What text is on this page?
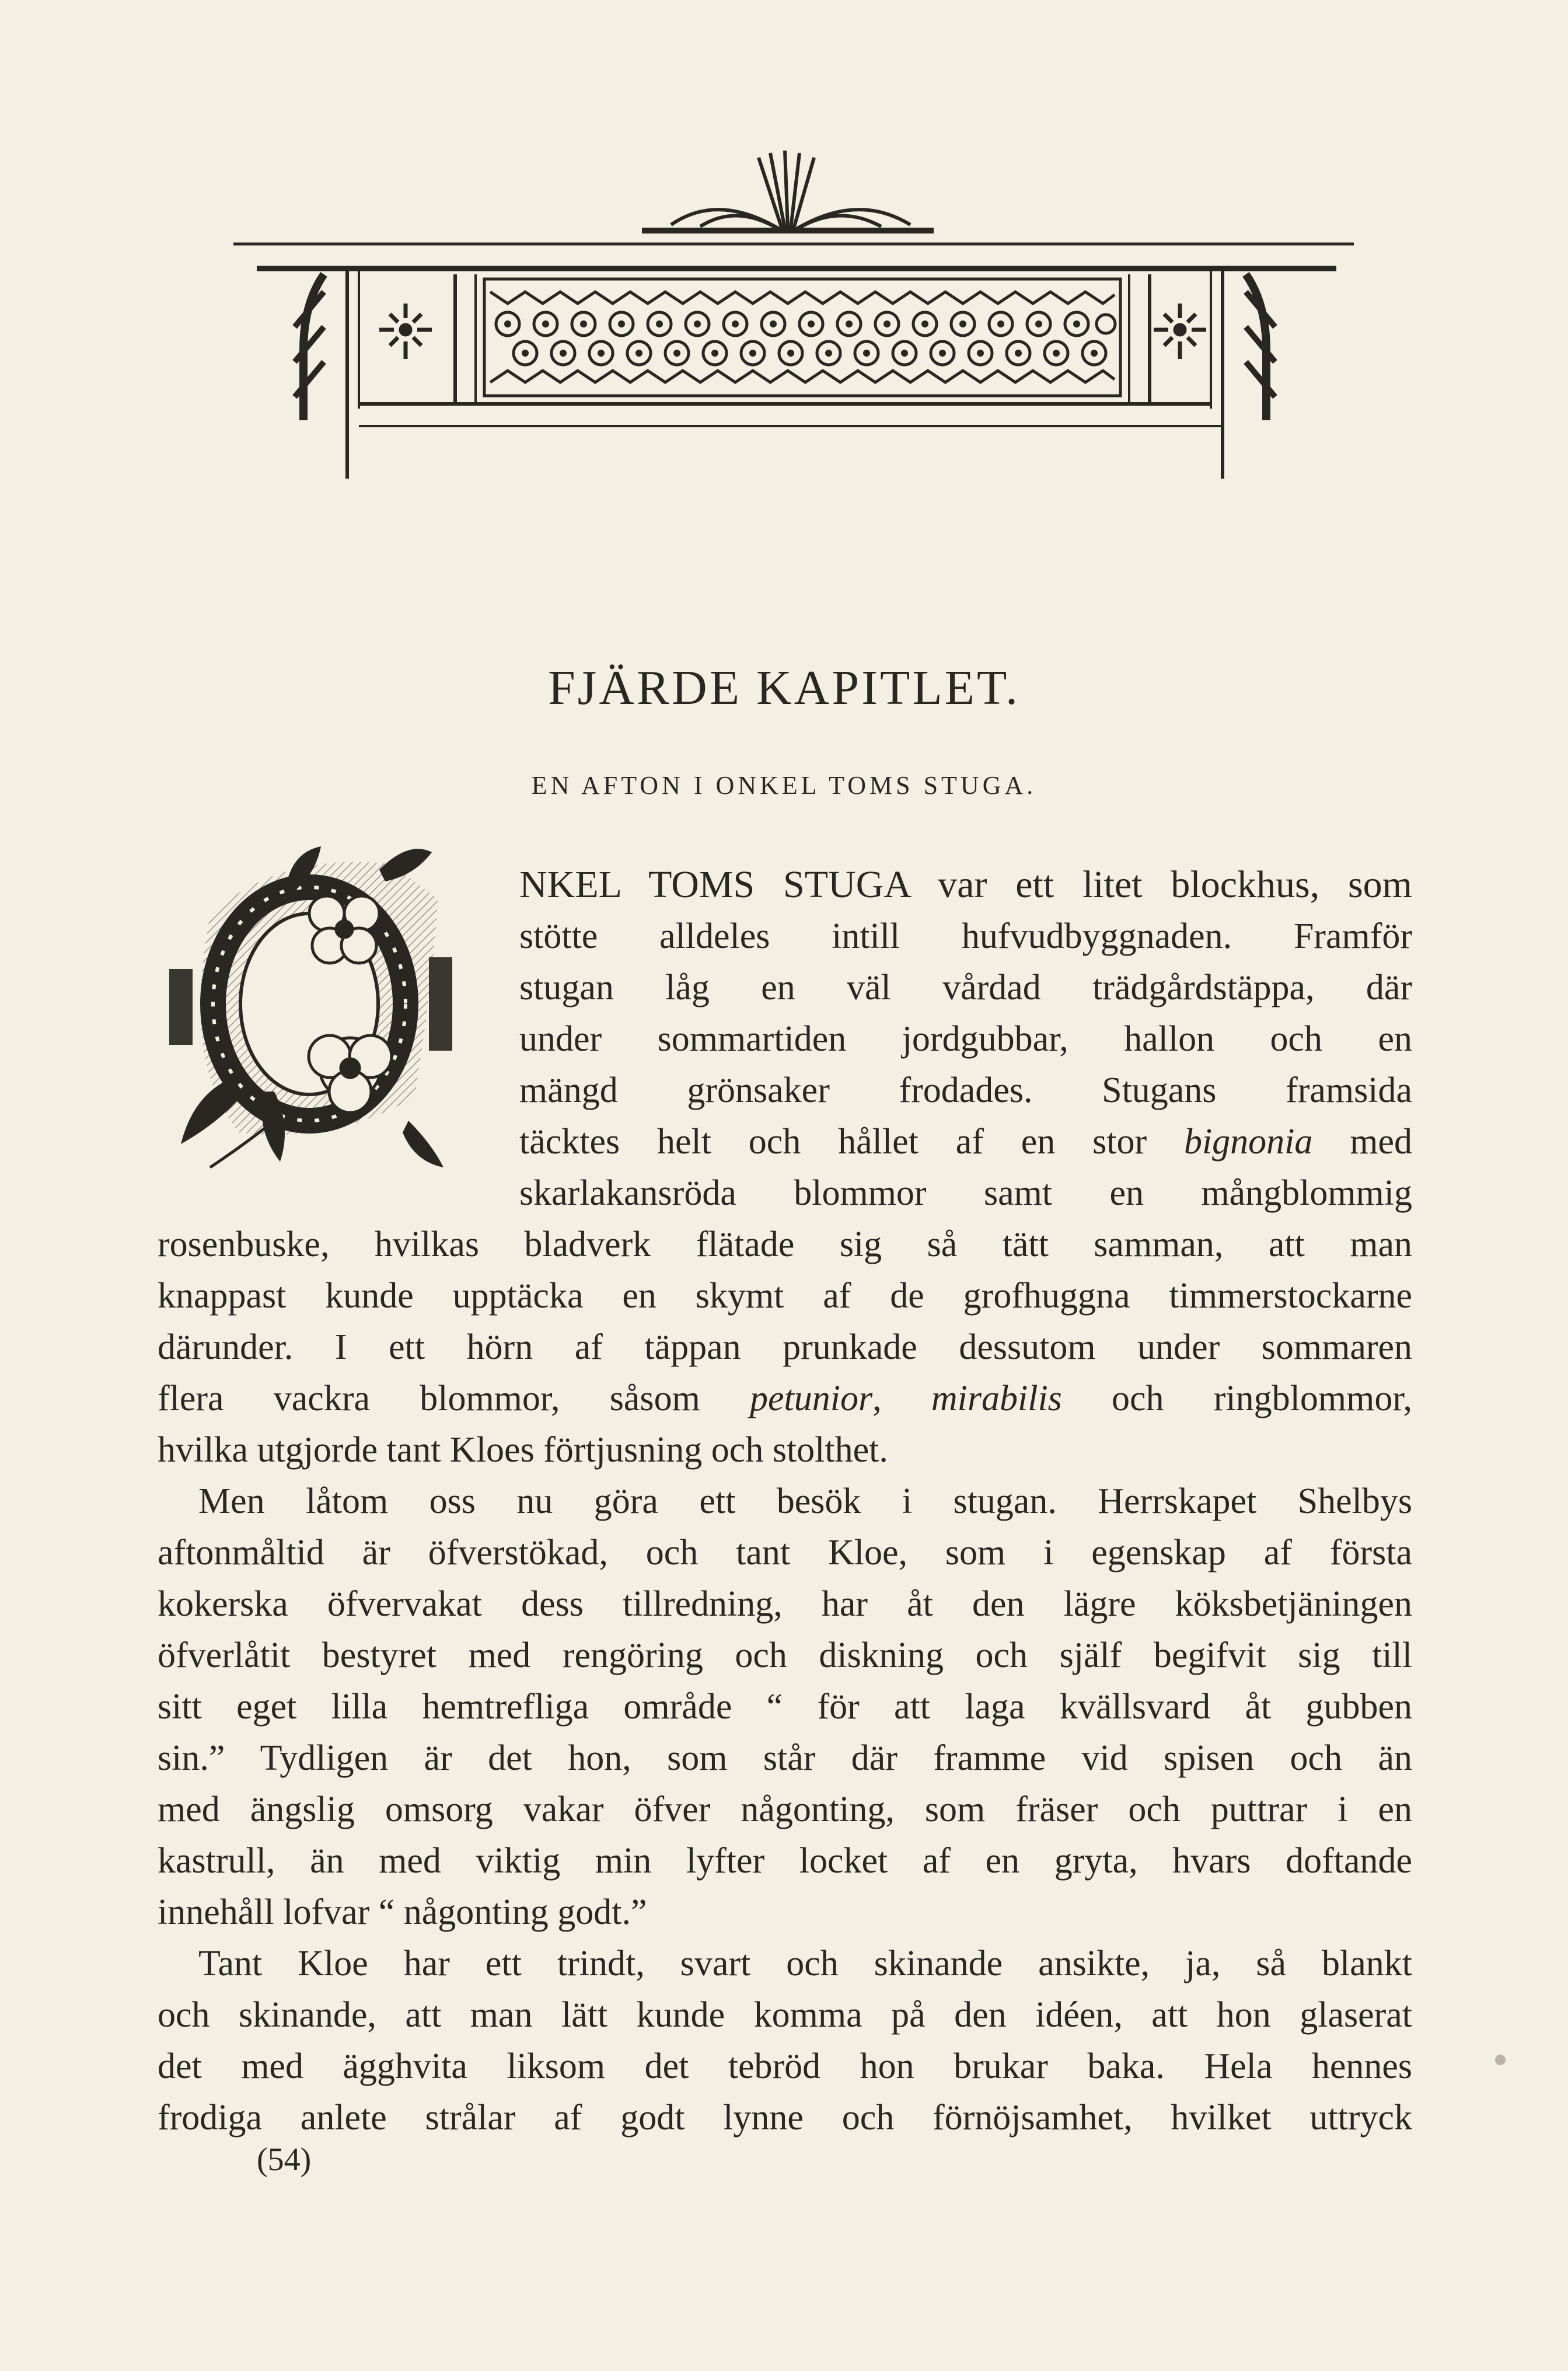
FJÄRDE KAPITLET.
EN AFTON I ONKEL TOMS STUGA.
NKEL TOMS STUGA var ett litet blockhus, som
stötte alldeles intill hufvudbyggnaden. Framför
stugan låg en väl vårdad trädgårdstäppa, där
under sommartiden jordgubbar, hallon och en
mängd grönsaker frodades. Stugans framsida
täcktes helt och hållet af en stor bignonia med
skarlakansröda blommor samt en mångblommig
rosenbuske, hvilkas bladverk flätade sig så tätt samman, att man
knappast kunde upptäcka en skymt af de grofhuggna timmerstockarne
därunder. I ett hörn af täppan prunkade dessutom under sommaren
flera vackra blommor, såsom petunior, mirabilis och ringblommor,
hvilka utgjorde tant Kloes förtjusning och stolthet.
Men låtom oss nu göra ett besök i stugan. Herrskapet Shelbys
aftonmåltid är öfverstökad, och tant Kloe, som i egenskap af första
kokerska öfvervakat dess tillredning, har åt den lägre köksbetjäningen
öfverlåtit bestyret med rengöring och diskning och själf begifvit sig till
sitt eget lilla hemtrefliga område “ för att laga kvällsvard åt gubben
sin.” Tydligen är det hon, som står där framme vid spisen och än
med ängslig omsorg vakar öfver någonting, som fräser och puttrar i en
kastrull, än med viktig min lyfter locket af en gryta, hvars doftande
innehåll lofvar “ någonting godt.”
Tant Kloe har ett trindt, svart och skinande ansikte, ja, så blankt
och skinande, att man lätt kunde komma på den idéen, att hon glaserat
det med ägghvita liksom det tebröd hon brukar baka. Hela hennes
frodiga anlete strålar af godt lynne och förnöjsamhet, hvilket uttryck
(54)
